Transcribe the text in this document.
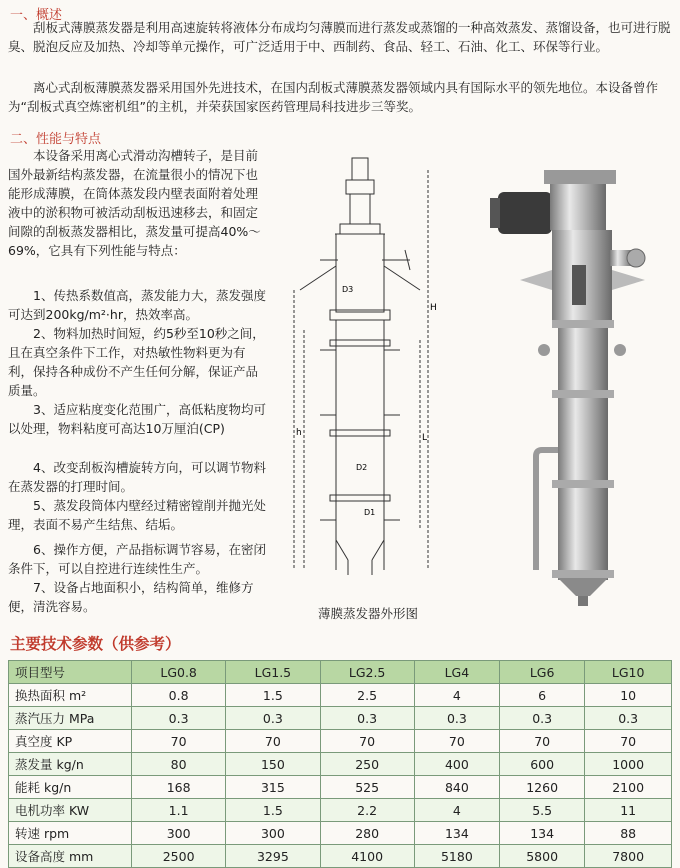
一、概述

刮板式薄膜蒸发器是利用高速旋转将液体分布成均匀薄膜而进行蒸发或蒸馏的一种高效蒸发、蒸馏设备，也可进行脱臭、脱泡反应及加热、冷却等单元操作，可广泛适用于中、西制药、食品、轻工、石油、化工、环保等行业。

离心式刮板薄膜蒸发器采用国外先进技术，在国内刮板式薄膜蒸发器领域内具有国际水平的领先地位。本设备曾作为“刮板式真空炼密机组”的主机，并荣获国家医药管理局科技进步三等奖。

二、性能与特点

本设备采用离心式滑动沟槽转子，是目前国外最新结构蒸发器，在流量很小的情况下也能形成薄膜，在筒体蒸发段内壁表面附着处理液中的淤积物可被活动刮板迅速移去，和固定间隙的刮板蒸发器相比，蒸发量可提高40%～69%，它具有下列性能与特点：

1、传热系数值高，蒸发能力大，蒸发强度可达到200kg/m²·hr，热效率高。

2、物料加热时间短，约5秒至10秒之间，且在真空条件下工作，对热敏性物料更为有利，保持各种成份不产生任何分解，保证产品质量。

3、适应粘度变化范围广，高低粘度物均可以处理，物料粘度可高达10万厘泊(CP)

4、改变刮板沟槽旋转方向，可以调节物料在蒸发器的打理时间。

5、蒸发段筒体内壁经过精密镗削并抛光处理，表面不易产生结焦、结垢。

6、操作方便，产品指标调节容易，在密闭条件下，可以自控进行连续性生产。

7、设备占地面积小，结构简单，维修方便，清洗容易。

H
h	L
D3
D2
D1
薄膜蒸发器外形图
主要技术参数（供参考）
项目型号	LG0.8	LG1.5	LG2.5	LG4	LG6	LG10
换热面积 m²	0.8	1.5	2.5	4	6	10
蒸汽压力 MPa	0.3	0.3	0.3	0.3	0.3	0.3
真空度 KP	70	70	70	70	70	70
蒸发量 kg/n	80	150	250	400	600	1000
能耗 kg/n	168	315	525	840	1260	2100
电机功率 KW	1.1	1.5	2.2	4	5.5	11
转速 rpm	300	300	280	134	134	88
设备高度 mm	2500	3295	4100	5180	5800	7800
